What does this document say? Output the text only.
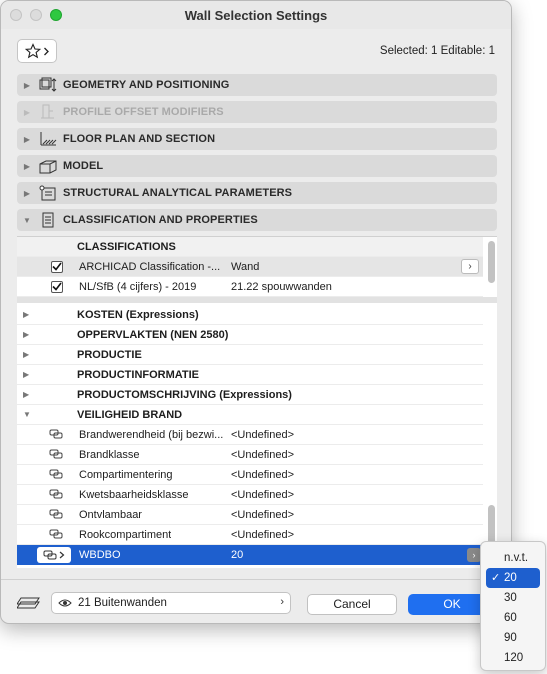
Wall Selection Settings
Selected: 1 Editable: 1
▶	GEOMETRY AND POSITIONING
▶	PROFILE OFFSET MODIFIERS
▶	FLOOR PLAN AND SECTION
▶	MODEL
▶	STRUCTURAL ANALYTICAL PARAMETERS
▼	CLASSIFICATION AND PROPERTIES
CLASSIFICATIONS
ARCHICAD Classification -... Wand	›
NL/SfB (4 cijfers) - 2019	21.22 spouwwanden
▶	KOSTEN (Expressions)
▶	OPPERVLAKTEN (NEN 2580)
▶	PRODUCTIE
▶	PRODUCTINFORMATIE
▶	PRODUCTOMSCHRIJVING (Expressions)
▼	VEILIGHEID BRAND
Brandwerendheid (bij bezwi... <Undefined>
Brandklasse	<Undefined>
Compartimentering	<Undefined>
Kwetsbaarheidsklasse	<Undefined>
Ontvlambaar	<Undefined>
Rookcompartiment	<Undefined>
WBDBO	20	›
21 Buitenwanden	›	Cancel	OK
n.v.t.
✓ 20
30
60
90
120
